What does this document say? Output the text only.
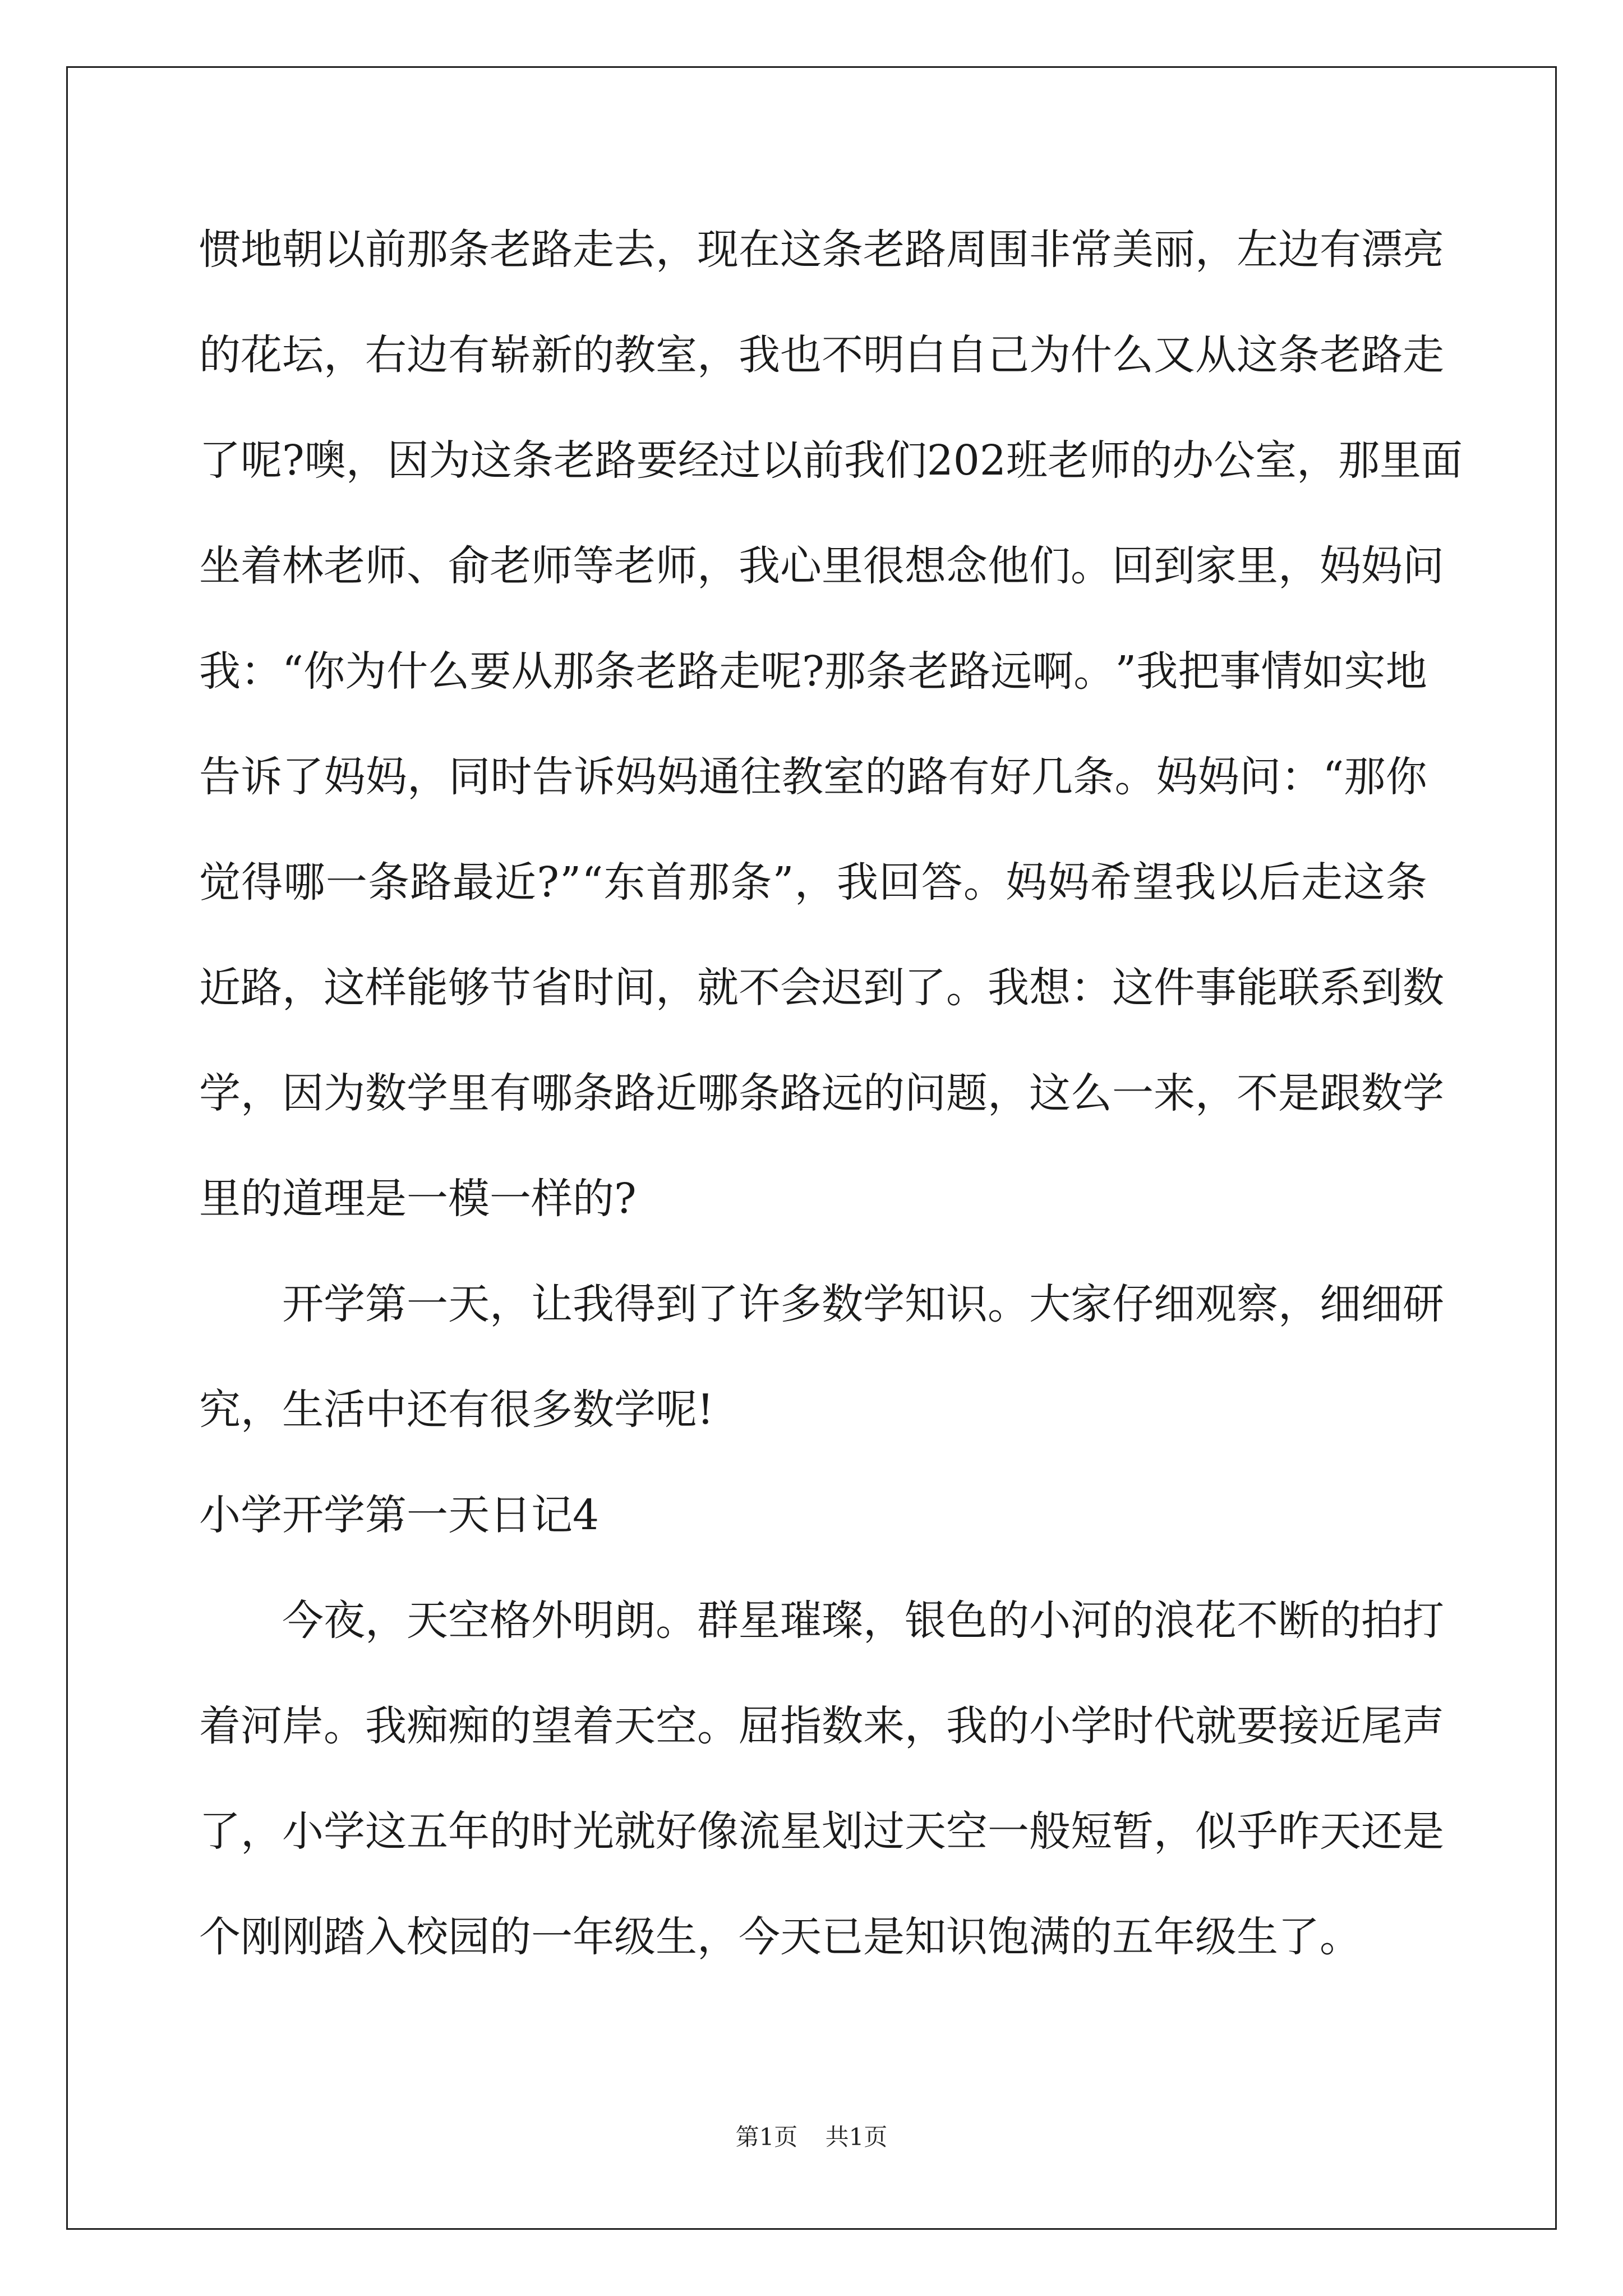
惯 地 朝 以 前 那 条 老 路 走 去 ， 现 在 这 条 老 路 周 围 非 常 美 丽 ， 左 边 有 漂 亮
的 花 坛 ， 右 边 有 崭 新 的 教 室 ， 我 也 不 明 白 自 己 为 什 么 又 从 这 条 老 路 走
了 呢 ? 噢 ， 因 为 这 条 老 路 要 经 过 以 前 我 们 2 0 2 班 老 师 的 办 公 室 ， 那 里 面
坐 着 林 老 师 、 俞 老 师 等 老 师 ， 我 心 里 很 想 念 他 们 。 回 到 家 里 ， 妈 妈 问
我 ： “ 你 为 什 么 要 从 那 条 老 路 走 呢 ? 那 条 老 路 远 啊 。 ” 我 把 事 情 如 实 地
告 诉 了 妈 妈 ， 同 时 告 诉 妈 妈 通 往 教 室 的 路 有 好 几 条 。 妈 妈 问 ： “ 那 你
觉 得 哪 一 条 路 最 近 ? ” “ 东 首 那 条 ” ， 我 回 答 。 妈 妈 希 望 我 以 后 走 这 条
近 路 ， 这 样 能 够 节 省 时 间 ， 就 不 会 迟 到 了 。 我 想 ： 这 件 事 能 联 系 到 数
学 ， 因 为 数 学 里 有 哪 条 路 近 哪 条 路 远 的 问 题 ， 这 么 一 来 ， 不 是 跟 数 学
里的道理是一模一样的?
开 学 第 一 天 ， 让 我 得 到 了 许 多 数 学 知 识 。 大 家 仔 细 观 察 ， 细 细 研
究，生活中还有很多数学呢!
小学开学第一天日记4
今 夜 ， 天 空 格 外 明 朗 。 群 星 璀 璨 ， 银 色 的 小 河 的 浪 花 不 断 的 拍 打
着 河 岸 。 我 痴 痴 的 望 着 天 空 。 屈 指 数 来 ， 我 的 小 学 时 代 就 要 接 近 尾 声
了 ， 小 学 这 五 年 的 时 光 就 好 像 流 星 划 过 天 空 一 般 短 暂 ， 似 乎 昨 天 还 是
个刚刚踏入校园的一年级生，今天已是知识饱满的五年级生了。
第1页 共1页
